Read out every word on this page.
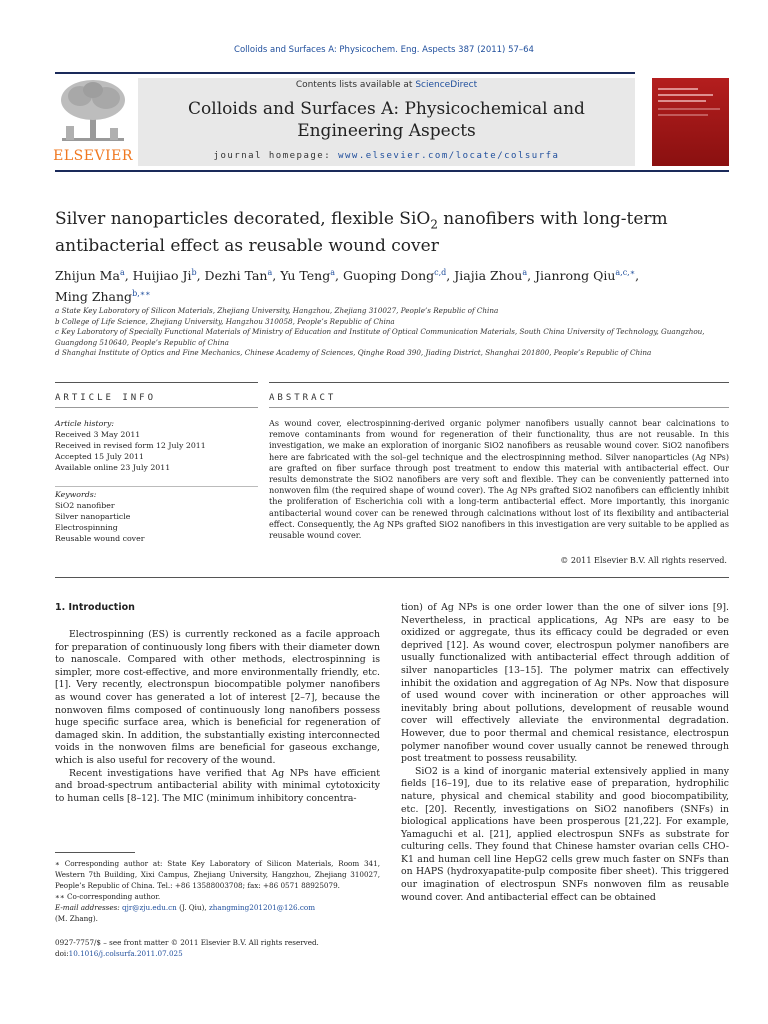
Colloids and Surfaces A: Physicochem. Eng. Aspects 387 (2011) 57–64
ELSEVIER
Contents lists available at ScienceDirect
Colloids and Surfaces A: Physicochemical and
Engineering Aspects
journal homepage: www.elsevier.com/locate/colsurfa
Silver nanoparticles decorated, flexible SiO$_2$ nanofibers with long-term
antibacterial effect as reusable wound cover
Zhijun Ma$^a$, Huijiao Ji$^b$, Dezhi Tan$^a$, Yu Teng$^a$, Guoping Dong$^{c,d}$, Jiajia Zhou$^a$, Jianrong Qiu$^{a,c,∗}$,
Ming Zhang$^{b,∗∗}$
a State Key Laboratory of Silicon Materials, Zhejiang University, Hangzhou, Zhejiang 310027, People’s Republic of China
b College of Life Science, Zhejiang University, Hangzhou 310058, People’s Republic of China
c Key Laboratory of Specially Functional Materials of Ministry of Education and Institute of Optical Communication Materials, South China University of Technology, Guangzhou,
Guangdong 510640, People’s Republic of China
d Shanghai Institute of Optics and Fine Mechanics, Chinese Academy of Sciences, Qinghe Road 390, Jiading District, Shanghai 201800, People’s Republic of China
ARTICLE INFO	ABSTRACT
Article history:
Received 3 May 2011
Received in revised form 12 July 2011
Accepted 15 July 2011
Available online 23 July 2011
Keywords:
SiO2 nanofiber
Silver nanoparticle
Electrospinning
Reusable wound cover
As wound cover, electrospinning-derived organic polymer nanofibers usually cannot bear calcinations to remove contaminants from wound for regeneration of their functionality, thus are not reusable. In this investigation, we make an exploration of inorganic SiO2 nanofibers as reusable wound cover. SiO2 nanofibers here are fabricated with the sol–gel technique and the electrospinning method. Silver nanoparticles (Ag NPs) are grafted on fiber surface through post treatment to endow this material with antibacterial effect. Our results demonstrate the SiO2 nanofibers are very soft and flexible. They can be conveniently patterned into nonwoven film (the required shape of wound cover). The Ag NPs grafted SiO2 nanofibers can efficiently inhibit the proliferation of Escherichia coli with a long-term antibacterial effect. More importantly, this inorganic antibacterial wound cover can be renewed through calcinations without lost of its flexibility and antibacterial effect. Consequently, the Ag NPs grafted SiO2 nanofibers in this investigation are very suitable to be applied as reusable wound cover.
© 2011 Elsevier B.V. All rights reserved.
1. Introduction

Electrospinning (ES) is currently reckoned as a facile approach for preparation of continuously long fibers with their diameter down to nanoscale. Compared with other methods, electrospinning is simpler, more cost-effective, and more environmentally friendly, etc. [1]. Very recently, electronspun biocompatible polymer nanofibers as wound cover has generated a lot of interest [2–7], because the nonwoven films composed of continuously long nanofibers possess huge specific surface area, which is beneficial for regeneration of damaged skin. In addition, the substantially existing interconnected voids in the nonwoven films are beneficial for gaseous exchange, which is also useful for recovery of the wound.

Recent investigations have verified that Ag NPs have efficient and broad-spectrum antibacterial ability with minimal cytotoxicity to human cells [8–12]. The MIC (minimum inhibitory concentra-

tion) of Ag NPs is one order lower than the one of silver ions [9]. Nevertheless, in practical applications, Ag NPs are easy to be oxidized or aggregate, thus its efficacy could be degraded or even deprived [12]. As wound cover, electrospun polymer nanofibers are usually functionalized with antibacterial effect through addition of silver nanoparticles [13–15]. The polymer matrix can effectively inhibit the oxidation and aggregation of Ag NPs. Now that disposure of used wound cover with incineration or other approaches will inevitably bring about pollutions, development of reusable wound cover will effectively alleviate the environmental degradation. However, due to poor thermal and chemical resistance, electrospun polymer nanofiber wound cover usually cannot be renewed through post treatment to possess reusability.

SiO2 is a kind of inorganic material extensively applied in many fields [16–19], due to its relative ease of preparation, hydrophilic nature, physical and chemical stability and good biocompatibility, etc. [20]. Recently, investigations on SiO2 nanofibers (SNFs) in biological applications have been prosperous [21,22]. For example, Yamaguchi et al. [21], applied electrospun SNFs as substrate for culturing cells. They found that Chinese hamster ovarian cells CHO-K1 and human cell line HepG2 cells grew much faster on SNFs than on HAPS (hydroxyapatite-pulp composite fiber sheet). This triggered our imagination of electrospun SNFs nonwoven film as reusable wound cover. And antibacterial effect can be obtained

∗ Corresponding author at: State Key Laboratory of Silicon Materials, Room 341, Western 7th Building, Xixi Campus, Zhejiang University, Hangzhou, Zhejiang 310027, People’s Republic of China. Tel.: +86 13588003708; fax: +86 0571 88925079.
∗∗ Co-corresponding author.
E-mail addresses: qjr@zju.edu.cn (J. Qiu), zhangming201201@126.com
(M. Zhang).
0927-7757/$ – see front matter © 2011 Elsevier B.V. All rights reserved.
doi:10.1016/j.colsurfa.2011.07.025
